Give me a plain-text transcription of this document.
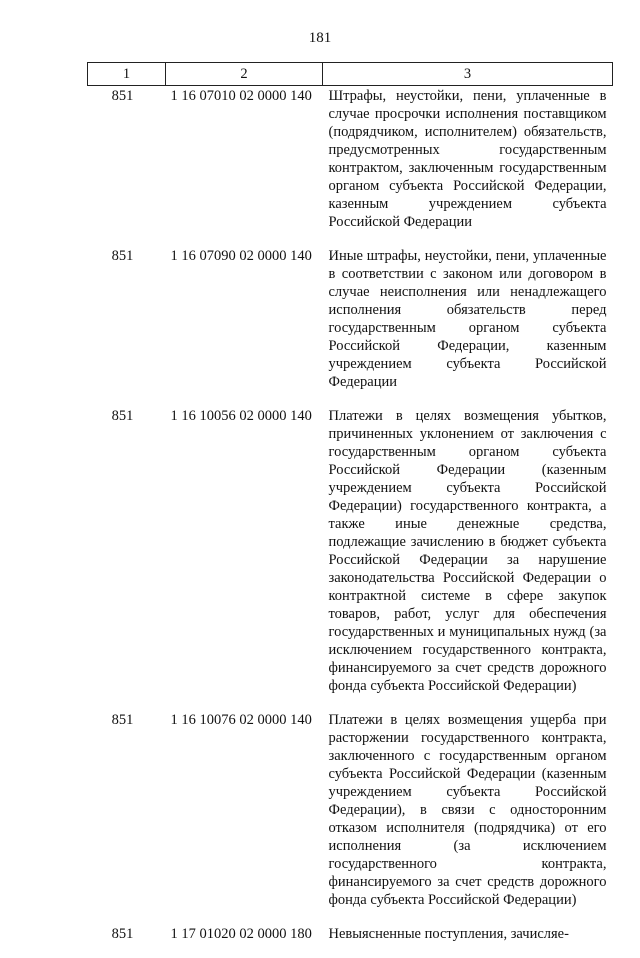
181
1	2	3
851	1 16 07010 02 0000 140	Штрафы, неустойки, пени, уплаченные в случае просрочки исполнения поставщиком (подрядчиком, исполнителем) обязательств, предусмотренных государственным контрактом, заключенным государственным органом субъекта Российской Федерации, казенным учреждением субъекта Российской Федерации

851	1 16 07090 02 0000 140	Иные штрафы, неустойки, пени, уплаченные в соответствии с законом или договором в случае неисполнения или ненадлежащего исполнения обязательств перед государственным органом субъекта Российской Федерации, казенным учреждением субъекта Российской Федерации

851	1 16 10056 02 0000 140	Платежи в целях возмещения убытков, причиненных уклонением от заключения с государственным органом субъекта Российской Федерации (казенным учреждением субъекта Российской Федерации) государственного контракта, а также иные денежные средства, подлежащие зачислению в бюджет субъекта Российской Федерации за нарушение законодательства Российской Федерации о контрактной системе в сфере закупок товаров, работ, услуг для обеспечения государственных и муниципальных нужд (за исключением государственного контракта, финансируемого за счет средств дорожного фонда субъекта Российской Федерации)

851	1 16 10076 02 0000 140	Платежи в целях возмещения ущерба при расторжении государственного контракта, заключенного с государственным органом субъекта Российской Федерации (казенным учреждением субъекта Российской Федерации), в связи с односторонним отказом исполнителя (подрядчика) от его исполнения (за исключением государственного контракта, финансируемого за счет средств дорожного фонда субъекта Российской Федерации)

851	1 17 01020 02 0000 180	Невыясненные поступления, зачисляе-
